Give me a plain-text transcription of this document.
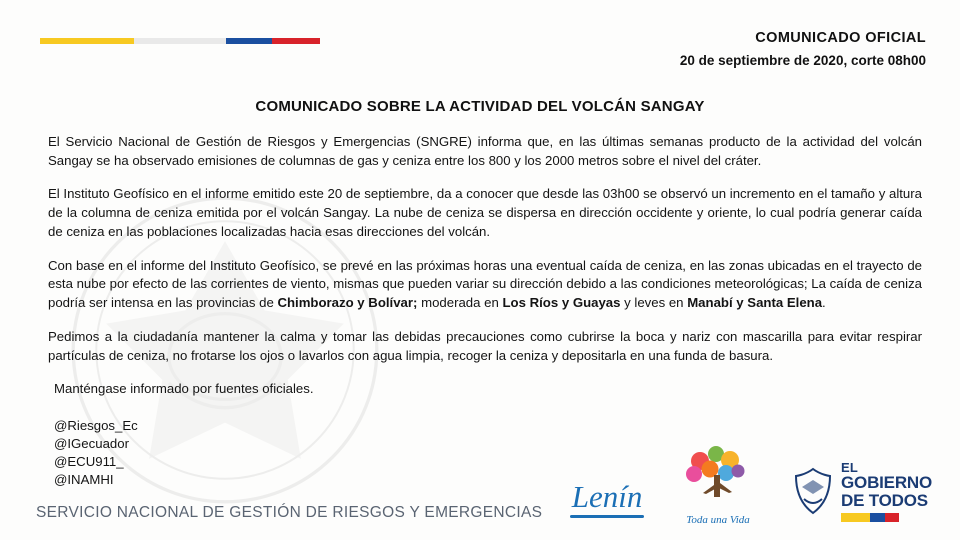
COMUNICADO OFICIAL
20 de septiembre de 2020, corte 08h00
COMUNICADO SOBRE LA ACTIVIDAD DEL VOLCÁN SANGAY

El Servicio Nacional de Gestión de Riesgos y Emergencias (SNGRE) informa que, en las últimas semanas producto de la actividad del volcán Sangay se ha observado emisiones de columnas de gas y ceniza entre los 800 y los 2000 metros sobre el nivel del cráter.

El Instituto Geofísico en el informe emitido este 20 de septiembre, da a conocer que desde las 03h00 se observó un incremento en el tamaño y altura de la columna de ceniza emitida por el volcán Sangay. La nube de ceniza se dispersa en dirección occidente y oriente, lo cual podría generar caída de ceniza en las poblaciones localizadas hacia esas direcciones del volcán.

Con base en el informe del Instituto Geofísico, se prevé en las próximas horas una eventual caída de ceniza, en las zonas ubicadas en el trayecto de esta nube por efecto de las corrientes de viento, mismas que pueden variar su dirección debido a las condiciones meteorológicas; La caída de ceniza podría ser intensa en las provincias de Chimborazo y Bolívar; moderada en Los Ríos y Guayas y leves en Manabí y Santa Elena.

Pedimos a la ciudadanía mantener la calma y tomar las debidas precauciones como cubrirse la boca y nariz con mascarilla para evitar respirar partículas de ceniza, no frotarse los ojos o lavarlos con agua limpia, recoger la ceniza y depositarla en una funda de basura.

Manténgase informado por fuentes oficiales.

@Riesgos_Ec
@IGecuador
@ECU911_
@INAMHI
SERVICIO NACIONAL DE GESTIÓN DE RIESGOS Y EMERGENCIAS Lenín
Toda una Vida
EL
GOBIERNO
DE TODOS
